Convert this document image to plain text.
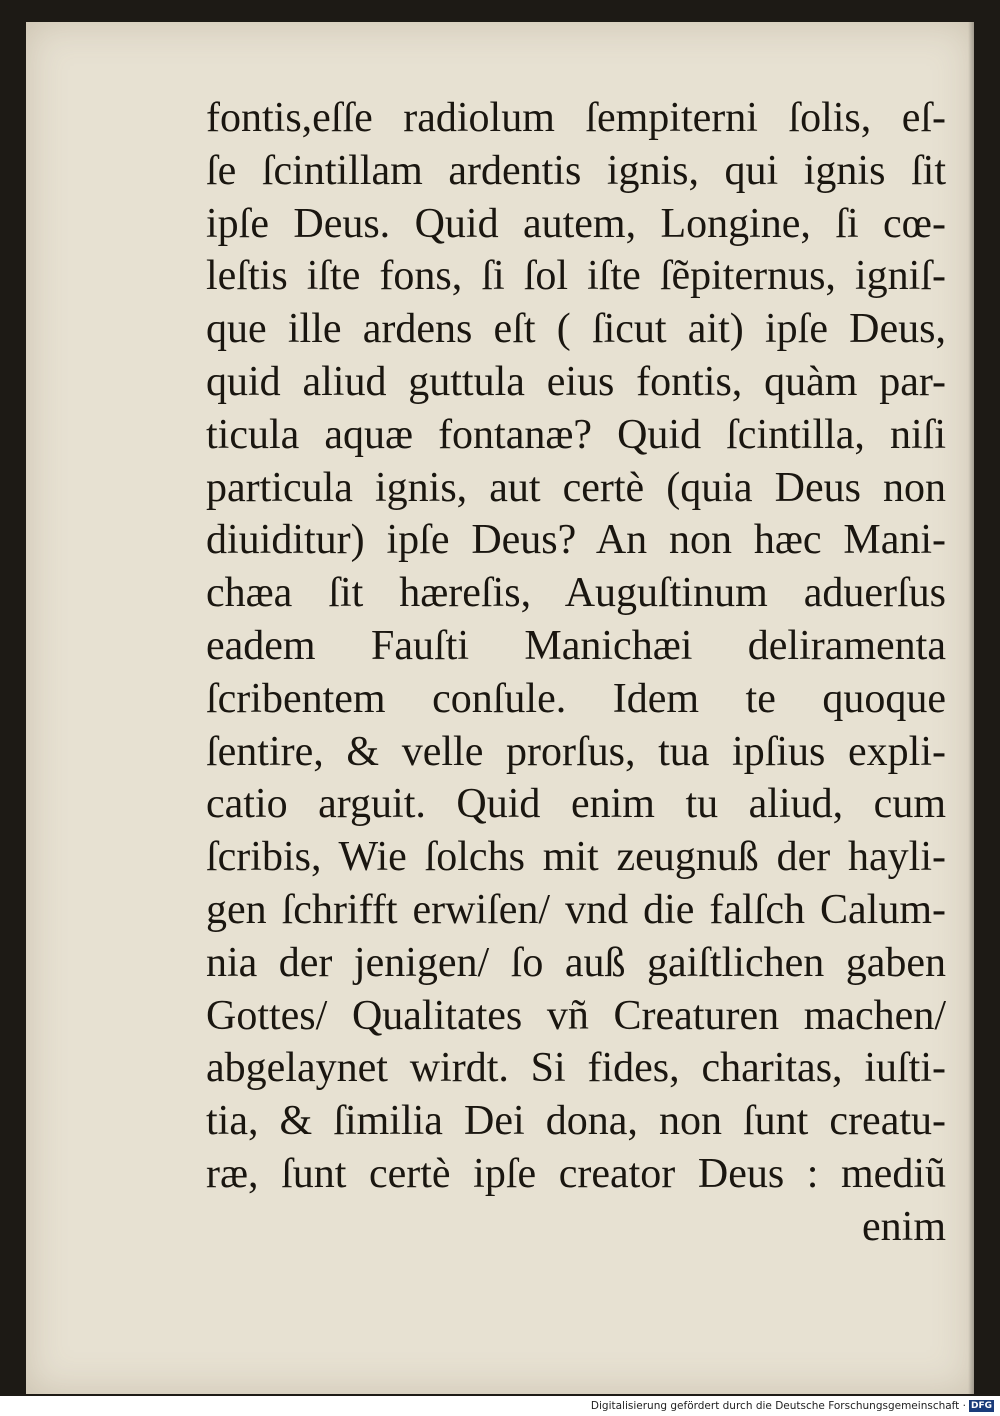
fontis,eſſe radiolum ſempiterni ſolis, eſ-
ſe ſcintillam ardentis ignis, qui ignis ſit
ipſe Deus. Quid autem, Longine, ſi cœ-
leſtis iſte fons, ſi ſol iſte ſẽpiternus, igniſ-
que ille ardens eſt ( ſicut ait) ipſe Deus,
quid aliud guttula eius fontis, quàm par-
ticula aquæ fontanæ? Quid ſcintilla, niſi
particula ignis, aut certè (quia Deus non
diuiditur) ipſe Deus? An non hæc Mani-
chæa ſit hæreſis, Auguſtinum aduerſus
eadem Fauſti Manichæi deliramenta
ſcribentem conſule. Idem te quoque
ſentire, & velle prorſus, tua ipſius expli-
catio arguit. Quid enim tu aliud, cum
ſcribis, Wie ſolchs mit zeugnuß der hayli-
gen ſchrifft erwiſen/ vnd die falſch Calum-
nia der jenigen/ ſo auß gaiſtlichen gaben
Gottes/ Qualitates vñ Creaturen machen/
abgelaynet wirdt. Si fides, charitas, iuſti-
tia, & ſimilia Dei dona, non ſunt creatu-
ræ, ſunt certè ipſe creator Deus : mediũ
enim
Digitalisierung gefördert durch die Deutsche Forschungsgemeinschaft · DFG
